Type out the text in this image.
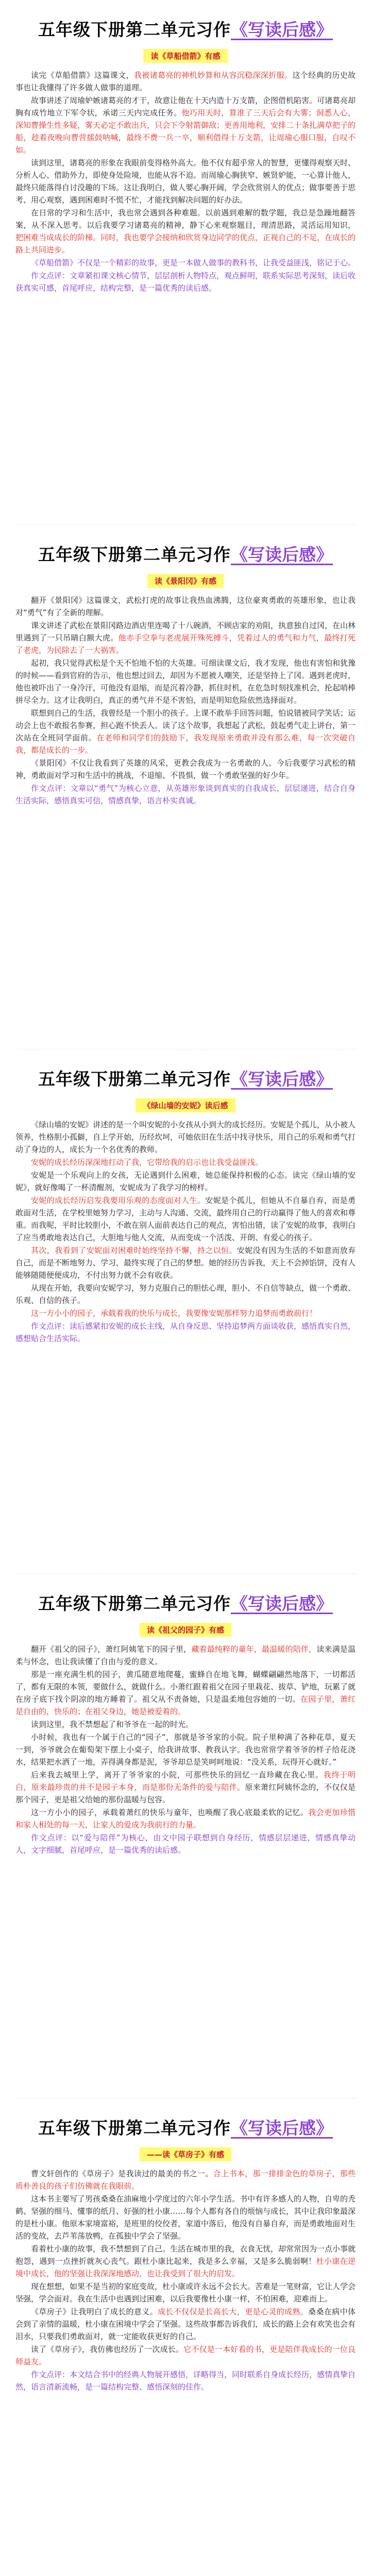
五年级下册第二单元习作《写读后感》
读《草船借箭》有感

读完《草船借箭》这篇课文，我被诸葛亮的神机妙算和从容沉稳深深折服。这个经典的历史故事也让我懂得了许多做人做事的道理。

故事讲述了周瑜妒嫉诸葛亮的才干，故意让他在十天内造十万支箭，企图借机陷害。可诸葛亮却胸有成竹地立下军令状，承诺三天内完成任务。他巧用天时，算准了三天后会有大雾；洞悉人心，深知曹操生性多疑，雾天必定不敢出兵，只会下令射箭御敌；更善用地利，安排二十条扎满草把子的船，趁着夜晚向曹营擂鼓呐喊，最终不费一兵一卒，顺利借得十万支箭，让周瑜心服口服，自叹不如。

读到这里，诸葛亮的形象在我眼前变得格外高大。他不仅有超乎常人的智慧，更懂得观察天时、分析人心、借助外力，即使身处险境，也能从容不迫。而周瑜心胸狭窄、嫉贤妒能，一心算计他人，最终只能落得自讨没趣的下场。这让我明白，做人要心胸开阔，学会欣赏别人的优点；做事要善于思考、用心观察，遇到困难时不慌不忙，才能找到解决问题的好办法。

在日常的学习和生活中，我也常会遇到各种难题。以前遇到难解的数学题，我总是急躁地翻答案，从不深入思考。以后我要学习诸葛亮的精神，静下心来观察题目，理清思路，灵活运用知识，把困难当成成长的阶梯。同时，我也要学会接纳和欣赏身边同学的优点，正视自己的不足，在成长的路上共同进步。

《草船借箭》不仅是一个精彩的故事，更是一本做人做事的教科书，让我受益匪浅，铭记于心。

作文点评：文章紧扣课文核心情节，层层剖析人物特点，观点鲜明，联系实际思考深刻，读后收获真实可感，首尾呼应，结构完整，是一篇优秀的读后感。

五年级下册第二单元习作《写读后感》
读《景阳冈》有感

翻开《景阳冈》这篇课文，武松打虎的故事让我热血沸腾，这位豪爽勇敢的英雄形象，也让我对“勇气”有了全新的理解。

课文讲述了武松在景阳冈路边酒店里连喝了十八碗酒，不顾店家的劝阻，执意独自过冈，在山林里遇到了一只吊睛白额大虎。他赤手空拳与老虎展开殊死搏斗，凭着过人的勇气和力气，最终打死了老虎，为民除去了一大祸害。

起初，我只觉得武松是个天不怕地不怕的大英雄。可细读课文后，我才发现，他也有害怕和犹豫的时候——看到官府的告示，他也想过回去，却因为不愿被人嘲笑，还是坚持上了冈。遇到老虎时，他也被吓出了一身冷汗，可他没有退缩，而是沉着冷静，抓住时机，在危急时刻找准机会，抡起哨棒拼尽全力。这才让我明白，真正的勇气并不是不害怕，而是明知危险依然选择面对。

联想到自己的生活，我曾经是一个胆小的孩子。上课不敢举手回答问题，怕说错被同学笑话；运动会上也不敢报名参赛，担心跑不快丢人。读了这个故事，我想起了武松，鼓起勇气走上讲台，第一次站在全班同学面前。在老师和同学们的鼓励下，我发现原来勇敢并没有那么难，每一次突破自我，都是成长的一步。

《景阳冈》不仅让我看到了英雄的风采，更教会我成为一名勇敢的人。今后我要学习武松的精神，勇敢面对学习和生活中的挑战，不退缩、不畏惧，做一个勇敢坚强的好少年。

作文点评：文章以“勇气”为核心立意，从英雄形象谈到真实的自我成长，层层递进，结合自身生活实际，感悟真实可信，情感真挚，语言朴实真诚。

五年级下册第二单元习作《写读后感》
《绿山墙的安妮》读后感

《绿山墙的安妮》讲述的是一个叫安妮的小女孩从小到大的成长经历。安妮是个孤儿，从小被人领养，性格胆小孤僻，自上学开始，历经坎坷，可她依旧在生活中找寻快乐，用自己的乐观和勇气打动了身边的人，成长为一个名优秀的教师。

安妮的成长经历深深地打动了我，它带给我的启示也让我受益匪浅。

安妮是一个乐观向上的女孩，无论遇到什么困难，她总能保持积极的心态。读完《绿山墙的安妮》，就好像喝了一杯清醒剂，安妮成为了我学习的榜样。

安妮的成长经历启发我要用乐观的态度面对人生。安妮是个孤儿，但她从不自暴自弃，而是勇敢面对生活，在学校里她努力学习，主动与人沟通、交流，最终用自己的行动赢得了他人的喜欢和尊重。而我呢，平时比较胆小，不敢在别人面前表达自己的观点，害怕出错，读了安妮的故事，我明白了应当勇敢地表达自己，大胆地与他人交流，从而变成一个活泼、开朗、有爱心的孩子。

其次，我看到了安妮面对困难时始终坚持不懈，持之以恒。安妮没有因为生活的不如意而放弃自己，而是不断地努力、学习，最终实现了自己的梦想。她的经历告诉我，天上不会掉馅饼，没有人能够随随便便成功，不付出努力就不会有收获。

从现在开始，我要向安妮学习，努力克服自己的胆怯心理，胆小、不自信等缺点，做一个勇敢、乐观、自信的孩子。

这一方小小的园子，承载着我的快乐与成长，我要像安妮那样努力追梦而勇敢前行！

作文点评：读后感紧扣安妮的成长主线，从自身反思、坚持追梦两方面谈收获，感悟真实自然，感想贴合生活实际。

五年级下册第二单元习作《写读后感》
读《祖父的园子》有感

翻开《祖父的园子》，萧红阿姨笔下的园子里，藏着最纯粹的童年，最温暖的陪伴，读来满是温柔与怀念，也让我读懂了自由与爱的意义。

那是一座充满生机的园子，黄瓜随意地爬蔓，蜜蜂自在地飞舞，蝴蝶翩翩然地落下，一切都活了，都有无限的本领，要做什么，就做什么。小萧红跟着祖父在园子里栽花、拔草、铲地，玩累了就在房子底下找个阴凉的地方睡着了。祖父从不责备她，只是温柔地包容她的一切。在园子里，萧红是自由的，快乐的；在祖父身边，她是被爱着的。

读到这里，我不禁想起了和爷爷在一起的时光。

小时候，我也有一个属于自己的“园子”，那就是爷爷家的小院。院子里种满了各种花草，夏天一到，爷爷就会在葡萄架下摆上小桌子，给我讲故事、教我认字。我也常常学着爷爷的样子给花浇水，结果把水洒了一地，弄得满身都是泥，爷爷却总是笑呵呵地说：“没关系，玩得开心就好。”

后来我去城里上学，离开了爷爷家的小院，可那些快乐的回忆一直珍藏在我心里。我终于明白，原来最珍贵的并不是园子本身，而是那份无条件的爱与陪伴。原来萧红阿姨怀念的，不仅仅是那个园子，更是祖父给她的那份温暖与包容。

这一方小小的园子，承载着萧红的快乐与童年，也唤醒了我心底最柔软的记忆。我会更加珍惜和家人相处的每一天，让家人的爱成为我前行的力量。

作文点评：以“爱与陪伴”为核心，由文中园子联想到自身经历，情感层层递进，情感真挚动人，文字细腻，首尾呼应，是一篇优秀的读后感。

五年级下册第二单元习作《写读后感》
——读《草房子》有感

曹文轩创作的《草房子》是我读过的最美的书之一。合上书本，那一排排金色的草房子，那些质朴善良的孩子们仿佛就在我眼前。

这本书主要写了男孩桑桑在油麻地小学度过的六年小学生活。书中有许多感人的人物，自卑的秃鹤、坚强的细马、懂事的纸月、好强的杜小康……每个人都有各自的烦恼与成长，其中让我印象最深的是杜小康。他原本家境富裕，是班里的佼佼者，家道中落后，他没有自暴自弃，而是勇敢地面对生活的变故，去芦苇荡放鸭，在孤独中学会了坚强。

看着杜小康的故事，我不禁想到了自己。生活在城市里的我，衣食无忧，却常常因为一点小事就抱怨，遇到一点挫折就灰心丧气。跟杜小康比起来，我是多么幸福，又是多么脆弱啊！杜小康在逆境中成长，他的坚强让我深深地感动，也让我受到了很大的启发。

现在想想，如果不是当初的家庭变故，杜小康或许永远不会长大。苦难是一笔财富，它让人学会坚强，学会面对。我在生活中也遇到过困难，以后我要像杜小康一样，不怕困难，迎难而上。

《草房子》让我明白了成长的意义。成长不仅仅是长高长大，更是心灵的成熟。桑桑在病中体会到了亲情的温暖，杜小康在困境中学会了坚强。这些故事都告诉我们，成长的路上会有欢笑也会有泪水，只要我们勇敢面对，就一定能收获更好的自己。

读了《草房子》，我仿佛也经历了一次成长。它不仅是一本好看的书，更是陪伴我成长的一位良师益友。

作文点评：本文结合书中的经典人物展开感悟，详略得当，同时联系自身成长经历，感情真挚自然，语言清新流畅，是一篇结构完整、感悟深刻的佳作。
